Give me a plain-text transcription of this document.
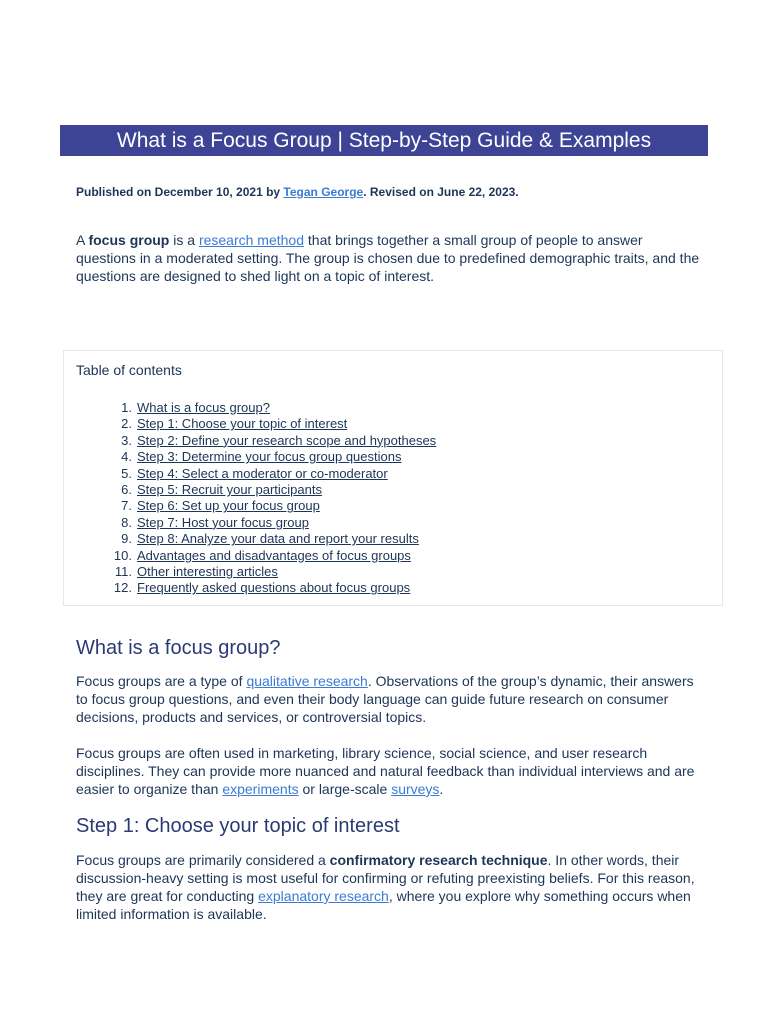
What is a Focus Group | Step-by-Step Guide & Examples
Published on December 10, 2021 by Tegan George. Revised on June 22, 2023.
A focus group is a research method that brings together a small group of people to answer questions in a moderated setting. The group is chosen due to predefined demographic traits, and the questions are designed to shed light on a topic of interest.
Table of contents
1. What is a focus group?
2. Step 1: Choose your topic of interest
3. Step 2: Define your research scope and hypotheses
4. Step 3: Determine your focus group questions
5. Step 4: Select a moderator or co-moderator
6. Step 5: Recruit your participants
7. Step 6: Set up your focus group
8. Step 7: Host your focus group
9. Step 8: Analyze your data and report your results
10. Advantages and disadvantages of focus groups
11. Other interesting articles
12. Frequently asked questions about focus groups
What is a focus group?
Focus groups are a type of qualitative research. Observations of the group’s dynamic, their answers to focus group questions, and even their body language can guide future research on consumer decisions, products and services, or controversial topics.
Focus groups are often used in marketing, library science, social science, and user research disciplines. They can provide more nuanced and natural feedback than individual interviews and are easier to organize than experiments or large-scale surveys.
Step 1: Choose your topic of interest
Focus groups are primarily considered a confirmatory research technique. In other words, their discussion-heavy setting is most useful for confirming or refuting preexisting beliefs. For this reason, they are great for conducting explanatory research, where you explore why something occurs when limited information is available.
